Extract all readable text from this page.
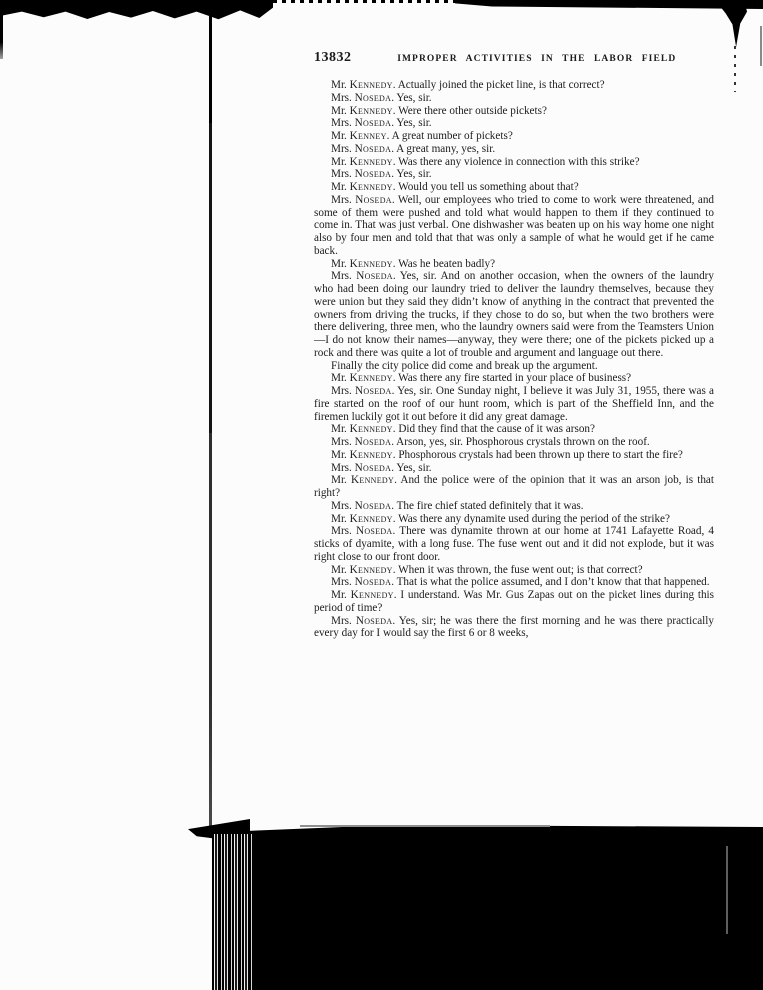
13832	IMPROPER ACTIVITIES IN THE LABOR FIELD

Mr. Kennedy. Actually joined the picket line, is that correct?

Mrs. Noseda. Yes, sir.

Mr. Kennedy. Were there other outside pickets?

Mrs. Noseda. Yes, sir.

Mr. Kenney. A great number of pickets?

Mrs. Noseda. A great many, yes, sir.

Mr. Kennedy. Was there any violence in connection with this strike?

Mrs. Noseda. Yes, sir.

Mr. Kennedy. Would you tell us something about that?

Mrs. Noseda. Well, our employees who tried to come to work were threatened, and some of them were pushed and told what would happen to them if they continued to come in. That was just verbal. One dishwasher was beaten up on his way home one night also by four men and told that that was only a sample of what he would get if he came back.

Mr. Kennedy. Was he beaten badly?

Mrs. Noseda. Yes, sir. And on another occasion, when the owners of the laundry who had been doing our laundry tried to deliver the laundry themselves, because they were union but they said they didn’t know of anything in the contract that prevented the owners from driving the trucks, if they chose to do so, but when the two brothers were there delivering, three men, who the laundry owners said were from the Teamsters Union—I do not know their names—anyway, they were there; one of the pickets picked up a rock and there was quite a lot of trouble and argument and language out there.

Finally the city police did come and break up the argument.

Mr. Kennedy. Was there any fire started in your place of business?

Mrs. Noseda. Yes, sir. One Sunday night, I believe it was July 31, 1955, there was a fire started on the roof of our hunt room, which is part of the Sheffield Inn, and the firemen luckily got it out before it did any great damage.

Mr. Kennedy. Did they find that the cause of it was arson?

Mrs. Noseda. Arson, yes, sir. Phosphorous crystals thrown on the roof.

Mr. Kennedy. Phosphorous crystals had been thrown up there to start the fire?

Mrs. Noseda. Yes, sir.

Mr. Kennedy. And the police were of the opinion that it was an arson job, is that right?

Mrs. Noseda. The fire chief stated definitely that it was.

Mr. Kennedy. Was there any dynamite used during the period of the strike?

Mrs. Noseda. There was dynamite thrown at our home at 1741 Lafayette Road, 4 sticks of dyamite, with a long fuse. The fuse went out and it did not explode, but it was right close to our front door.

Mr. Kennedy. When it was thrown, the fuse went out; is that correct?

Mrs. Noseda. That is what the police assumed, and I don’t know that that happened.

Mr. Kennedy. I understand. Was Mr. Gus Zapas out on the picket lines during this period of time?

Mrs. Noseda. Yes, sir; he was there the first morning and he was there practically every day for I would say the first 6 or 8 weeks,
